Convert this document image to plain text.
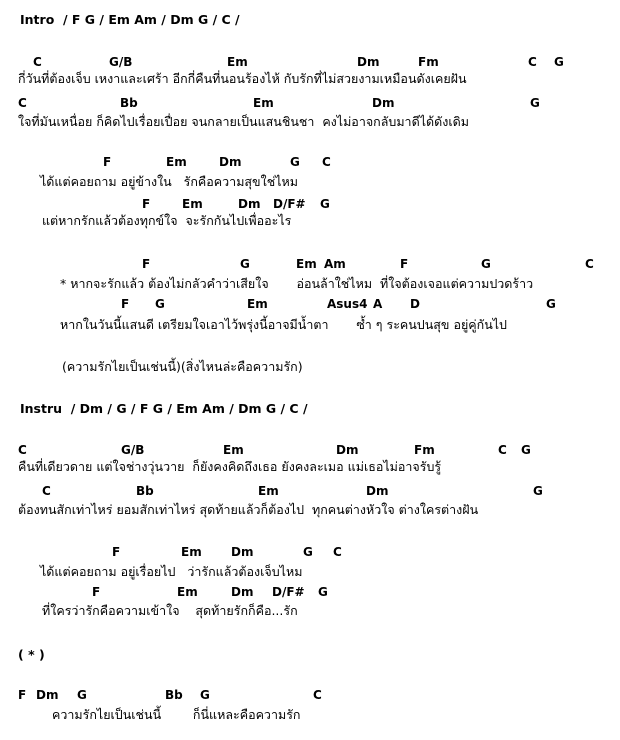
Intro  / F G / Em Am / Dm G / C /
C	G/B	Em	Dm	Fm	C G
กี่วันที่ต้องเจ็บ เหงาและเศร้า อีกกี่คืนที่นอนร้องไห้ กับรักที่ไม่สวยงามเหมือนดังเคยฝัน
C	Bb	Em	Dm	G
ใจที่มันเหนื่อย ก็คิดไปเรื่อยเปื่อย จนกลายเป็นแสนชินชา  คงไม่อาจกลับมาดีได้ดังเดิม
F	Em	Dm	G C
ได้แต่คอยถาม อยู่ข้างใน   รักคือความสุขใช่ไหม
F	Em	Dm D/F# G
แต่หากรักแล้วต้องทุกข์ใจ  จะรักกันไปเพื่ออะไร
F	G	Em Am	F	G	C
* หากจะรักแล้ว ต้องไม่กลัวคำว่าเสียใจ       อ่อนล้าใช่ไหม  ที่ใจต้องเจอแต่ความปวดร้าว
F G	Em	Asus4 A D	G
หากในวันนี้แสนดี เตรียมใจเอาไว้พรุ่งนี้อาจมีน้ำตา       ซ้ำ ๆ ระคนปนสุข อยู่คู่กันไป
(ความรักไยเป็นเช่นนี้)(สิ่งไหนล่ะคือความรัก)
Instru  / Dm / G / F G / Em Am / Dm G / C /
C	G/B	Em	Dm	Fm	C G
คืนที่เดียวดาย แต่ใจช่างวุ่นวาย  ก็ยังคงคิดถึงเธอ ยังคงละเมอ แม่เธอไม่อาจรับรู้
C	Bb	Em	Dm	G
ต้องทนสักเท่าไหร่ ยอมสักเท่าไหร่ สุดท้ายแล้วก็ต้องไป  ทุกคนต่างหัวใจ ต่างใครต่างฝัน
F	Em Dm	G C
ได้แต่คอยถาม อยู่เรื่อยไป   ว่ารักแล้วต้องเจ็บไหม
F	Em	Dm D/F# G
ที่ใครว่ารักคือความเข้าใจ    สุดท้ายรักก็คือ...รัก
( * )
F Dm G	Bb G	C
ความรักไยเป็นเช่นนี้        ก็นี่แหละคือความรัก
